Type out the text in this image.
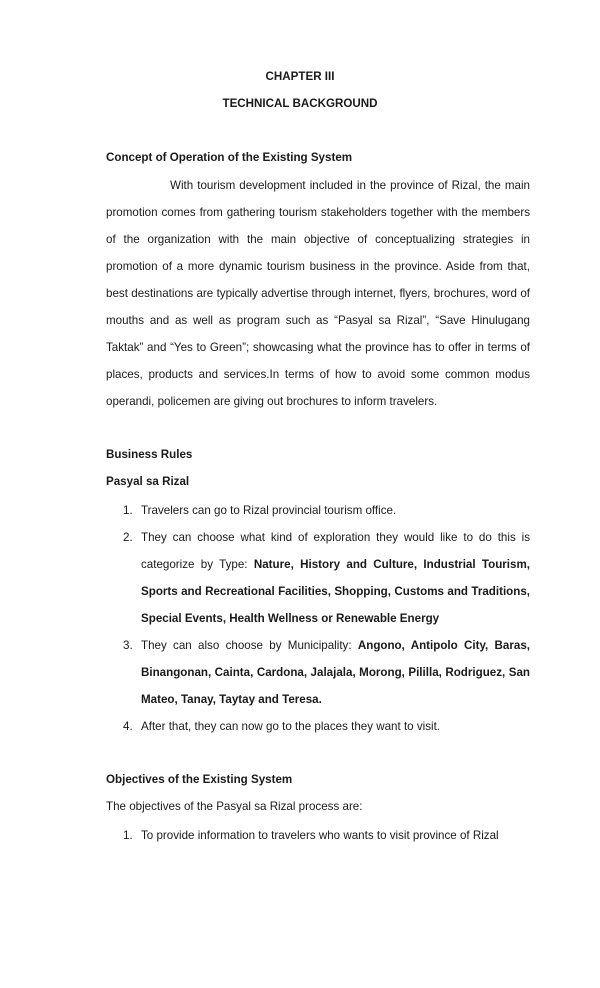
CHAPTER III
TECHNICAL BACKGROUND
Concept of Operation of the Existing System
With tourism development included in the province of Rizal, the main promotion comes from gathering tourism stakeholders together with the members of the organization with the main objective of conceptualizing strategies in promotion of a more dynamic tourism business in the province. Aside from that, best destinations are typically advertise through internet, flyers, brochures, word of mouths and as well as program such as “Pasyal sa Rizal”, “Save Hinulugang Taktak” and “Yes to Green”; showcasing what the province has to offer in terms of places, products and services.In terms of how to avoid some common modus operandi, policemen are giving out brochures to inform travelers.
Business Rules
Pasyal sa Rizal
1. Travelers can go to Rizal provincial tourism office.
2. They can choose what kind of exploration they would like to do this is categorize by Type: Nature, History and Culture, Industrial Tourism, Sports and Recreational Facilities, Shopping, Customs and Traditions, Special Events, Health Wellness or Renewable Energy
3. They can also choose by Municipality: Angono, Antipolo City, Baras, Binangonan, Cainta, Cardona, Jalajala, Morong, Pililla, Rodriguez, San Mateo, Tanay, Taytay and Teresa.
4. After that, they can now go to the places they want to visit.
Objectives of the Existing System
The objectives of the Pasyal sa Rizal process are:
1. To provide information to travelers who wants to visit province of Rizal
